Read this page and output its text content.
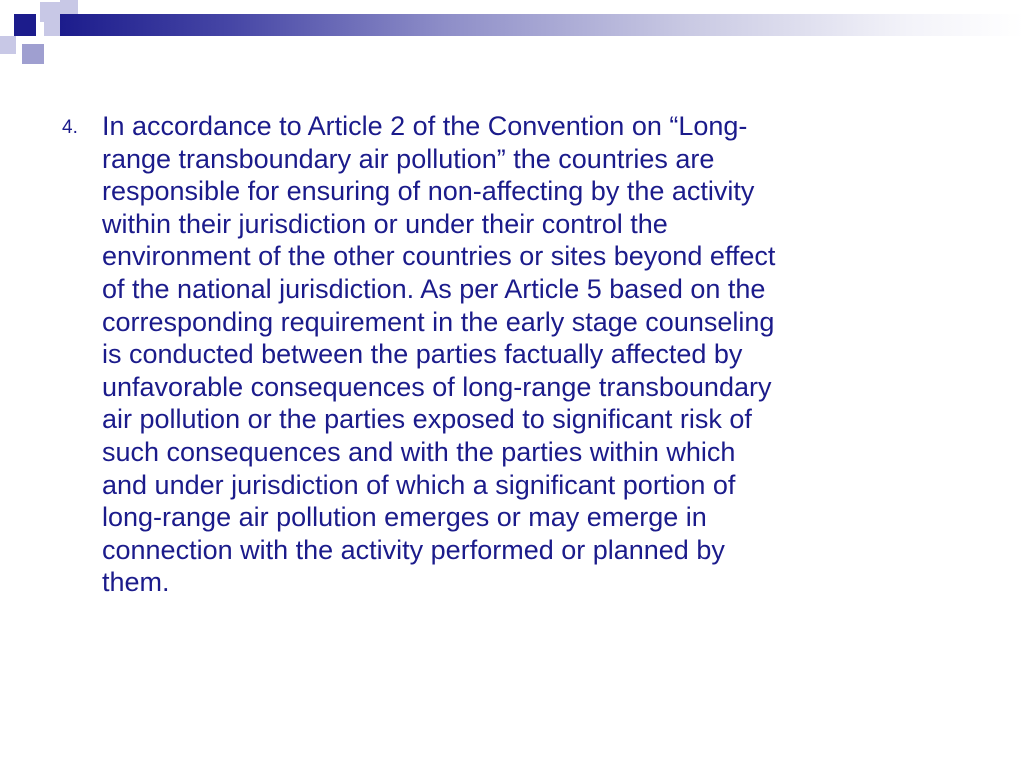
4. In accordance to Article 2 of the Convention on “Long-
range transboundary air pollution” the countries are
responsible for ensuring of non-affecting by the activity
within their jurisdiction or under their control the
environment of the other countries or sites beyond effect
of the national jurisdiction. As per Article 5 based on the
corresponding requirement in the early stage counseling
is conducted between the parties factually affected by
unfavorable consequences of long-range transboundary
air pollution or the parties exposed to significant risk of
such consequences and with the parties within which
and under jurisdiction of which a significant portion of
long-range air pollution emerges or may emerge in
connection with the activity performed or planned by
them.
